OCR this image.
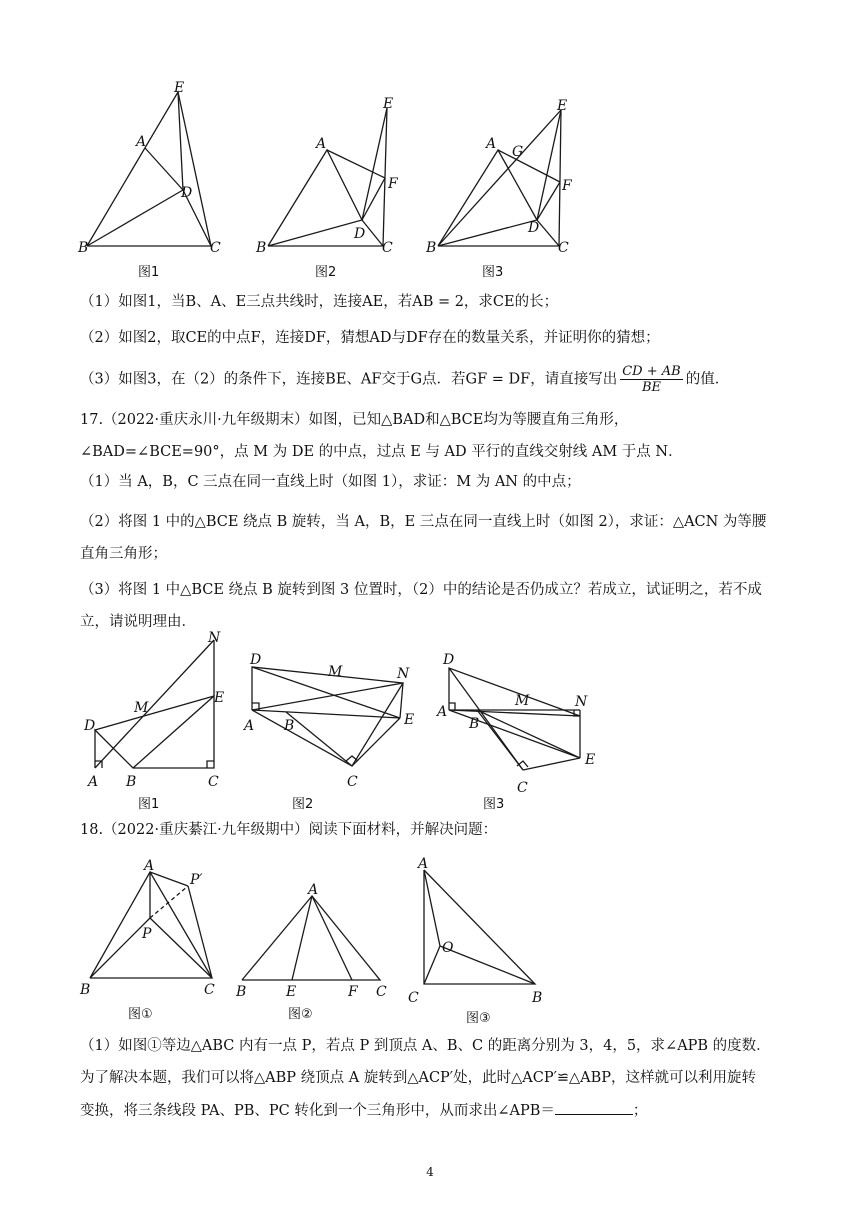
E
A
D
B	C
图1
E
A
F
D
B	C
图2
E
A G
F
D
B	C
图3
（1）如图1，当B、A、E三点共线时，连接AE，若AB = 2，求CE的长；
（2）如图2，取CE的中点F，连接DF，猜想AD与DF存在的数量关系，并证明你的猜想；
（3）如图3，在（2）的条件下，连接BE、AF交于G点．若GF = DF，请直接写出 $\frac{CD + AB}{BE}$ 的值．
17.（2022·重庆永川·九年级期末）如图，已知△BAD和△BCE均为等腰直角三角形，∠BAD=∠BCE=90°，点 M 为 DE 的中点，过点 E 与 AD 平行的直线交射线 AM 于点 N．
（1）当 A，B，C 三点在同一直线上时（如图 1），求证：M 为 AN 的中点；
（2）将图 1 中的△BCE 绕点 B 旋转，当 A，B，E 三点在同一直线上时（如图 2），求证：△ACN 为等腰直角三角形；
（3）将图 1 中△BCE 绕点 B 旋转到图 3 位置时，（2）中的结论是否仍成立？若成立，试证明之，若不成立，请说明理由．
N
M
E
D
A B	C
图1
D
M	N
A B	E
C
图2
D
M	N
A
B
E
C
图3
18.（2022·重庆綦江·九年级期中）阅读下面材料，并解决问题：
A
P′
P
B	C
图①
A
B	E	F C
图②
A
O
C	B
图③
（1）如图①等边△ABC 内有一点 P，若点 P 到顶点 A、B、C 的距离分别为 3，4，5，求∠APB 的度数．
为了解决本题，我们可以将△ABP 绕顶点 A 旋转到△ACP′处，此时△ACP′≌△ABP，这样就可以利用旋转
变换，将三条线段 PA、PB、PC 转化到一个三角形中，从而求出∠APB＝	；
4
